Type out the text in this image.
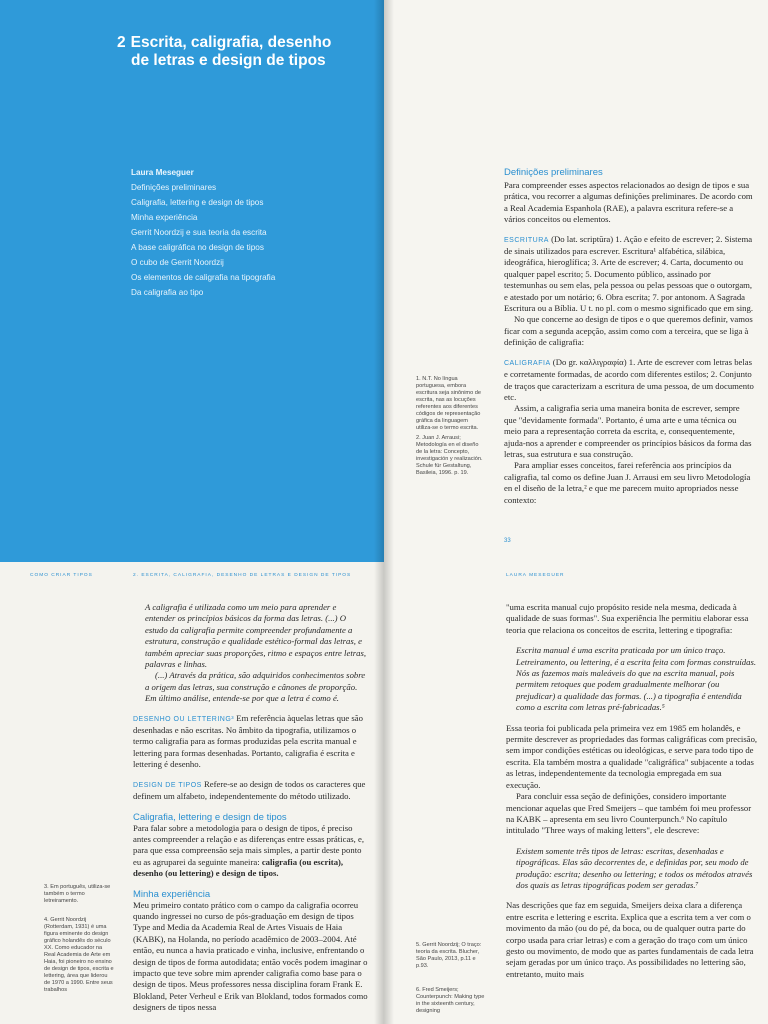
2 Escrita, caligrafia, desenho
de letras e design de tipos
Laura Meseguer
Definições preliminares
Caligrafia, lettering e design de tipos
Minha experiência
Gerrit Noordzij e sua teoria da escrita
A base caligráfica no design de tipos
O cubo de Gerrit Noordzij
Os elementos de caligrafia na tipografia
Da caligrafia ao tipo
Definições preliminares
Para compreender esses aspectos relacionados ao design de tipos e sua prática, vou recorrer a algumas definições preliminares. De acordo com a Real Academia Espanhola (RAE), a palavra escritura refere-se a vários conceitos ou elementos.
ESCRITURA (Do lat. scriptūra) 1. Ação e efeito de escrever; 2. Sistema de sinais utilizados para escrever. Escritura¹ alfabética, silábica, ideográfica, hieroglífica; 3. Arte de escrever; 4. Carta, documento ou qualquer papel escrito; 5. Documento público, assinado por testemunhas ou sem elas, pela pessoa ou pelas pessoas que o outorgam, e atestado por um notário; 6. Obra escrita; 7. por antonom. A Sagrada Escritura ou a Bíblia. U t. no pl. com o mesmo significado que em sing.
No que concerne ao design de tipos e o que queremos definir, vamos ficar com a segunda acepção, assim como com a terceira, que se liga à definição de caligrafia:
CALIGRAFIA (Do gr. καλλιγραφία) 1. Arte de escrever com letras belas e corretamente formadas, de acordo com diferentes estilos; 2. Conjunto de traços que caracterizam a escritura de uma pessoa, de um documento etc.
Assim, a caligrafia seria uma maneira bonita de escrever, sempre que "devidamente formada". Portanto, é uma arte e uma técnica ou meio para a representação correta da escrita, e, consequentemente, ajuda-nos a aprender e compreender os princípios básicos da forma das letras, sua estrutura e sua construção.
Para ampliar esses conceitos, farei referência aos princípios da caligrafia, tal como os define Juan J. Arrausi em seu livro Metodología en el diseño de la letra,² e que me parecem muito apropriados nesse contexto:
1. N.T. No língua portuguesa, embora escritura seja sinônimo de escrita, nas as locuções referentes aos diferentes códigos de representação gráfica da linguagem utiliza-se o termo escrita.
2. Juan J. Arrausi; Metodología en el diseño de la letra: Concepto, investigación y realización. Schule für Gestaltung, Basileia, 1996. p. 19.
33
COMO CRIAR TIPOS	2. ESCRITA, CALIGRAFIA, DESENHO DE LETRAS E DESIGN DE TIPOS
A caligrafia é utilizada como um meio para aprender e entender os princípios básicos da forma das letras. (...) O estudo da caligrafia permite compreender profundamente a estrutura, construção e qualidade estético-formal das letras, e também apreciar suas proporções, ritmo e espaços entre letras, palavras e linhas.
(...) Através da prática, são adquiridos conhecimentos sobre a origem das letras, sua construção e cânones de proporção. Em último análise, entende-se por que a letra é como é.
DESENHO OU LETTERING³ Em referência àquelas letras que são desenhadas e não escritas. No âmbito da tipografia, utilizamos o termo caligrafia para as formas produzidas pela escrita manual e lettering para formas desenhadas. Portanto, caligrafia é escrita e lettering é desenho.
DESIGN DE TIPOS Refere-se ao design de todos os caracteres que definem um alfabeto, independentemente do método utilizado.
Caligrafia, lettering e design de tipos
Para falar sobre a metodologia para o design de tipos, é preciso antes compreender a relação e as diferenças entre essas práticas, e, para que essa compreensão seja mais simples, a partir deste ponto eu as agruparei da seguinte maneira: caligrafia (ou escrita), desenho (ou lettering) e design de tipos.
Minha experiência
Meu primeiro contato prático com o campo da caligrafia ocorreu quando ingressei no curso de pós-graduação em design de tipos Type and Media da Academia Real de Artes Visuais de Haia (KABK), na Holanda, no período acadêmico de 2003–2004. Até então, eu nunca a havia praticado e vinha, inclusive, enfrentando o design de tipos de forma autodidata; então vocês podem imaginar o impacto que teve sobre mim aprender caligrafia como base para o design de tipos. Meus professores nessa disciplina foram Frank E. Blokland, Peter Verheul e Erik van Blokland, todos formados como designers de tipos nessa
3. Em português, utiliza-se também o termo letreiramento.
4. Gerrit Noordzij (Rotterdam, 1931) é uma figura eminente do design gráfico holandês do século XX. Como educador na Real Academia de Arte em Haia, foi pioneiro no ensino de design de tipos, escrita e lettering, área que liderou de 1970 a 1990. Entre seus trabalhos
LAURA MESEGUER
"uma escrita manual cujo propósito reside nela mesma, dedicada à qualidade de suas formas". Sua experiência lhe permitiu elaborar essa teoria que relaciona os conceitos de escrita, lettering e tipografia:
Escrita manual é uma escrita praticada por um único traço. Letreiramento, ou lettering, é a escrita feita com formas construídas. Nós as fazemos mais maleáveis do que na escrita manual, pois permitem retoques que podem gradualmente melhorar (ou prejudicar) a qualidade das formas. (...) a tipografia é entendida como a escrita com letras pré-fabricadas.⁵
Essa teoria foi publicada pela primeira vez em 1985 em holandês, e permite descrever as propriedades das formas caligráficas com precisão, sem impor condições estéticas ou ideológicas, e serve para todo tipo de escrita. Ela também mostra a qualidade "caligráfica" subjacente a todas as letras, independentemente da tecnologia empregada em sua execução.
Para concluir essa seção de definições, considero importante mencionar aquelas que Fred Smeijers – que também foi meu professor na KABK – apresenta em seu livro Counterpunch.⁶ No capítulo intitulado "Three ways of making letters", ele descreve:
Existem somente três tipos de letras: escritas, desenhadas e tipográficas. Elas são decorrentes de, e definidas por, seu modo de produção: escrita; desenho ou lettering; e todos os métodos através dos quais as letras tipográficas podem ser geradas.⁷
Nas descrições que faz em seguida, Smeijers deixa clara a diferença entre escrita e lettering e escrita. Explica que a escrita tem a ver com o movimento da mão (ou do pé, da boca, ou de qualquer outra parte do corpo usada para criar letras) e com a geração do traço com um único gesto ou movimento, de modo que as partes fundamentais de cada letra sejam geradas por um único traço. As possibilidades no lettering são, entretanto, muito mais
5. Gerrit Noordzij; O traço: teoria da escrita. Blucher, São Paulo, 2013, p.11 e p.93.
6. Fred Smeijers; Counterpunch: Making type in the sixteenth century, designing
